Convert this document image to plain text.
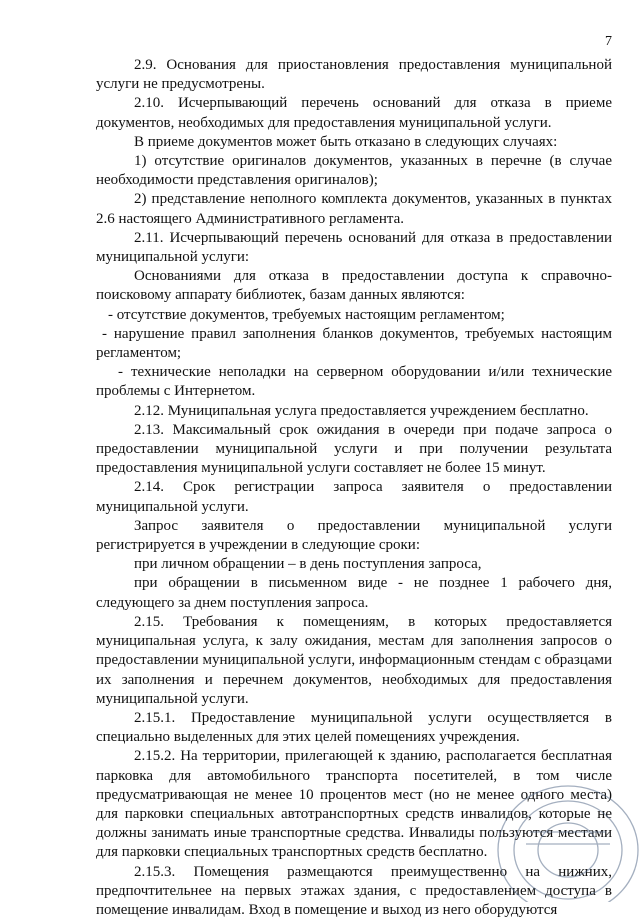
7

2.9. Основания для приостановления предоставления муниципальной услуги не предусмотрены.

2.10. Исчерпывающий перечень оснований для отказа в приеме документов, необходимых для предоставления муниципальной услуги.

В приеме документов может быть отказано в следующих случаях:

1) отсутствие оригиналов документов, указанных в перечне (в случае необходимости представления оригиналов);

2) представление неполного комплекта документов, указанных в пунктах 2.6 настоящего Административного регламента.

2.11. Исчерпывающий перечень оснований для отказа в предоставлении муниципальной услуги:

Основаниями для отказа в предоставлении доступа к справочно-поисковому аппарату библиотек, базам данных являются:

- отсутствие документов, требуемых настоящим регламентом;

- нарушение правил заполнения бланков документов, требуемых настоящим регламентом;

- технические неполадки на серверном оборудовании и/или технические проблемы с Интернетом.

2.12. Муниципальная услуга предоставляется учреждением бесплатно.

2.13. Максимальный срок ожидания в очереди при подаче запроса о предоставлении муниципальной услуги и при получении результата предоставления муниципальной услуги составляет не более 15 минут.

2.14. Срок регистрации запроса заявителя о предоставлении муниципальной услуги.

Запрос заявителя о предоставлении муниципальной услуги регистрируется в учреждении в следующие сроки:

при личном обращении – в день поступления запроса,

при обращении в письменном виде - не позднее 1 рабочего дня, следующего за днем поступления запроса.

2.15. Требования к помещениям, в которых предоставляется муниципальная услуга, к залу ожидания, местам для заполнения запросов о предоставлении муниципальной услуги, информационным стендам с образцами их заполнения и перечнем документов, необходимых для предоставления муниципальной услуги.

2.15.1. Предоставление муниципальной услуги осуществляется в специально выделенных для этих целей помещениях учреждения.

2.15.2. На территории, прилегающей к зданию, располагается бесплатная парковка для автомобильного транспорта посетителей, в том числе предусматривающая не менее 10 процентов мест (но не менее одного места) для парковки специальных автотранспортных средств инвалидов, которые не должны занимать иные транспортные средства. Инвалиды пользуются местами для парковки специальных транспортных средств бесплатно.

2.15.3. Помещения размещаются преимущественно на нижних, предпочтительнее на первых этажах здания, с предоставлением доступа в помещение инвалидам. Вход в помещение и выход из него оборудуются
